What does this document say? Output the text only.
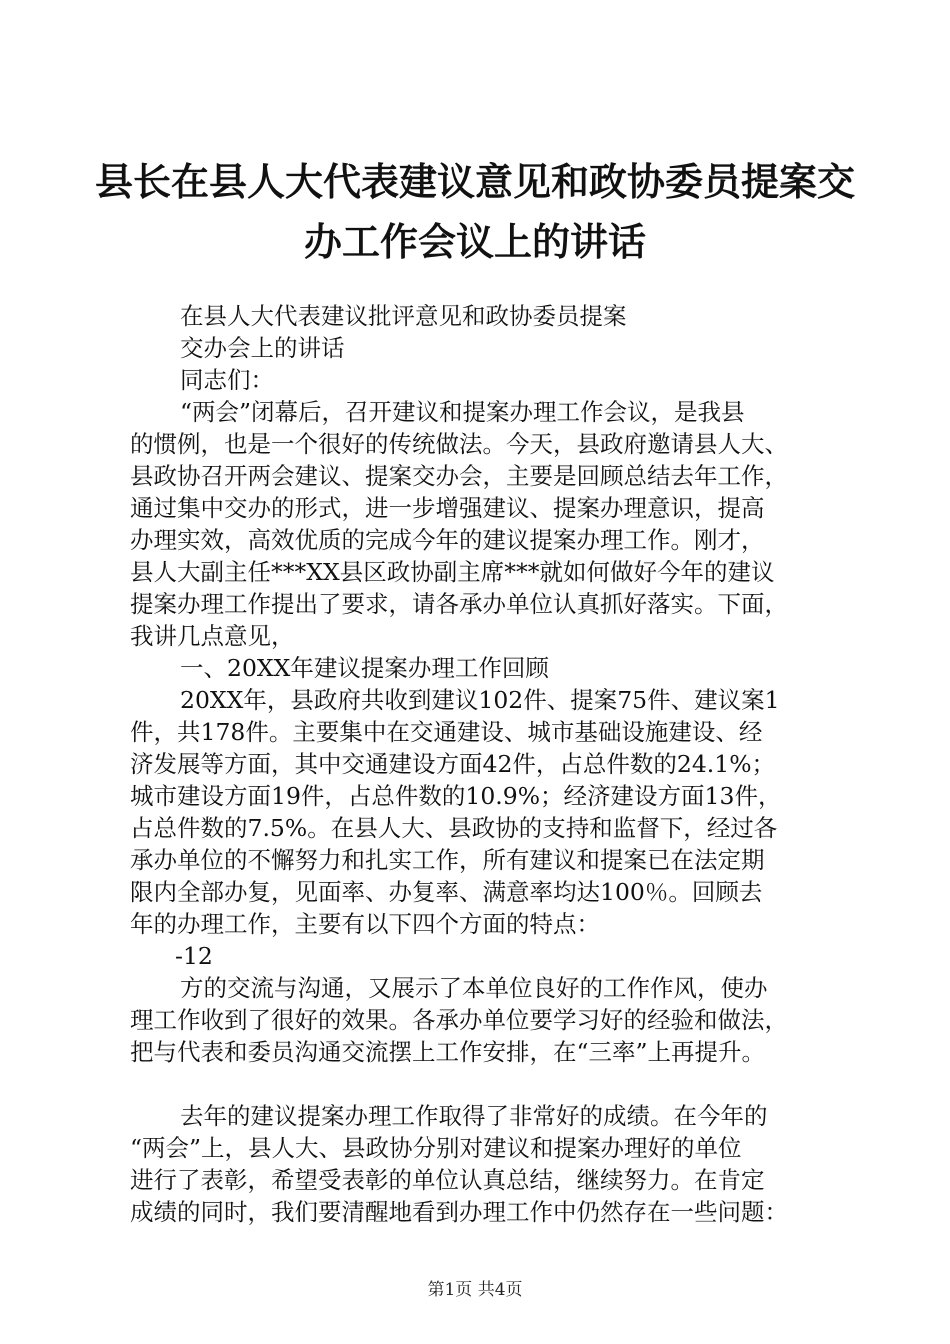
县长在县人大代表建议意见和政协委员提案交
办工作会议上的讲话
在县人大代表建议批评意见和政协委员提案
交办会上的讲话
同志们：
“两会”闭幕后，召开建议和提案办理工作会议，是我县
的惯例，也是一个很好的传统做法。今天，县政府邀请县人大、
县政协召开两会建议、提案交办会，主要是回顾总结去年工作，
通过集中交办的形式，进一步增强建议、提案办理意识，提高
办理实效，高效优质的完成今年的建议提案办理工作。刚才，
县人大副主任***XX县区政协副主席***就如何做好今年的建议
提案办理工作提出了要求，请各承办单位认真抓好落实。下面，
我讲几点意见，
一、20XX年建议提案办理工作回顾
20XX年，县政府共收到建议102件、提案75件、建议案1
件，共178件。主要集中在交通建设、城市基础设施建设、经
济发展等方面，其中交通建设方面42件，占总件数的24.1%；
城市建设方面19件，占总件数的10.9%；经济建设方面13件，
占总件数的7.5%。在县人大、县政协的支持和监督下，经过各
承办单位的不懈努力和扎实工作，所有建议和提案已在法定期
限内全部办复，见面率、办复率、满意率均达100％。回顾去
年的办理工作，主要有以下四个方面的特点：
-12
方的交流与沟通，又展示了本单位良好的工作作风，使办
理工作收到了很好的效果。各承办单位要学习好的经验和做法，
把与代表和委员沟通交流摆上工作安排，在“三率”上再提升。
去年的建议提案办理工作取得了非常好的成绩。在今年的
“两会”上，县人大、县政协分别对建议和提案办理好的单位
进行了表彰，希望受表彰的单位认真总结，继续努力。在肯定
成绩的同时，我们要清醒地看到办理工作中仍然存在一些问题：
第1页 共4页
